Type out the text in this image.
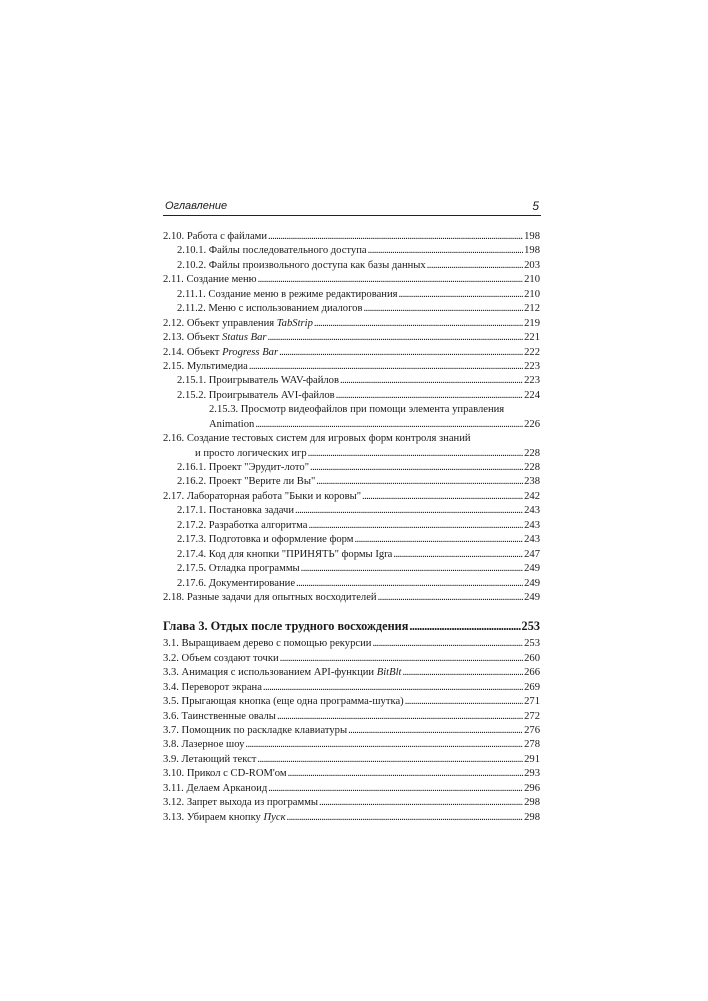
Оглавление	5
2.10. Работа с файлами .....	198
2.10.1. Файлы последовательного доступа .....	198
2.10.2. Файлы произвольного доступа как базы данных .....	203
2.11. Создание меню .....	210
2.11.1. Создание меню в режиме редактирования .....	210
2.11.2. Меню с использованием диалогов .....	212
2.12. Объект управления TabStrip .....	219
2.13. Объект Status Bar .....	221
2.14. Объект Progress Bar .....	222
2.15. Мультимедиа .....	223
2.15.1. Проигрыватель WAV-файлов .....	223
2.15.2. Проигрыватель AVI-файлов .....	224
2.15.3. Просмотр видеофайлов при помощи элемента управления
Animation .....	226
2.16. Создание тестовых систем для игровых форм контроля знаний
и просто логических игр .....	228
2.16.1. Проект "Эрудит-лото" .....	228
2.16.2. Проект "Верите ли Вы" .....	238
2.17. Лабораторная работа "Быки и коровы" .....	242
2.17.1. Постановка задачи .....	243
2.17.2. Разработка алгоритма .....	243
2.17.3. Подготовка и оформление форм .....	243
2.17.4. Код для кнопки "ПРИНЯТЬ" формы Igra .....	247
2.17.5. Отладка программы .....	249
2.17.6. Документирование .....	249
2.18. Разные задачи для опытных восходителей .....	249
Глава 3. Отдых после трудного восхождения .....	253
3.1. Выращиваем дерево с помощью рекурсии .....	253
3.2. Объем создают точки .....	260
3.3. Анимация с использованием API-функции BitBlt .....	266
3.4. Переворот экрана .....	269
3.5. Прыгающая кнопка (еще одна программа-шутка) .....	271
3.6. Таинственные овалы .....	272
3.7. Помощник по раскладке клавиатуры .....	276
3.8. Лазерное шоу .....	278
3.9. Летающий текст .....	291
3.10. Прикол с CD-ROM'ом .....	293
3.11. Делаем Арканоид .....	296
3.12. Запрет выхода из программы .....	298
3.13. Убираем кнопку Пуск .....	298
